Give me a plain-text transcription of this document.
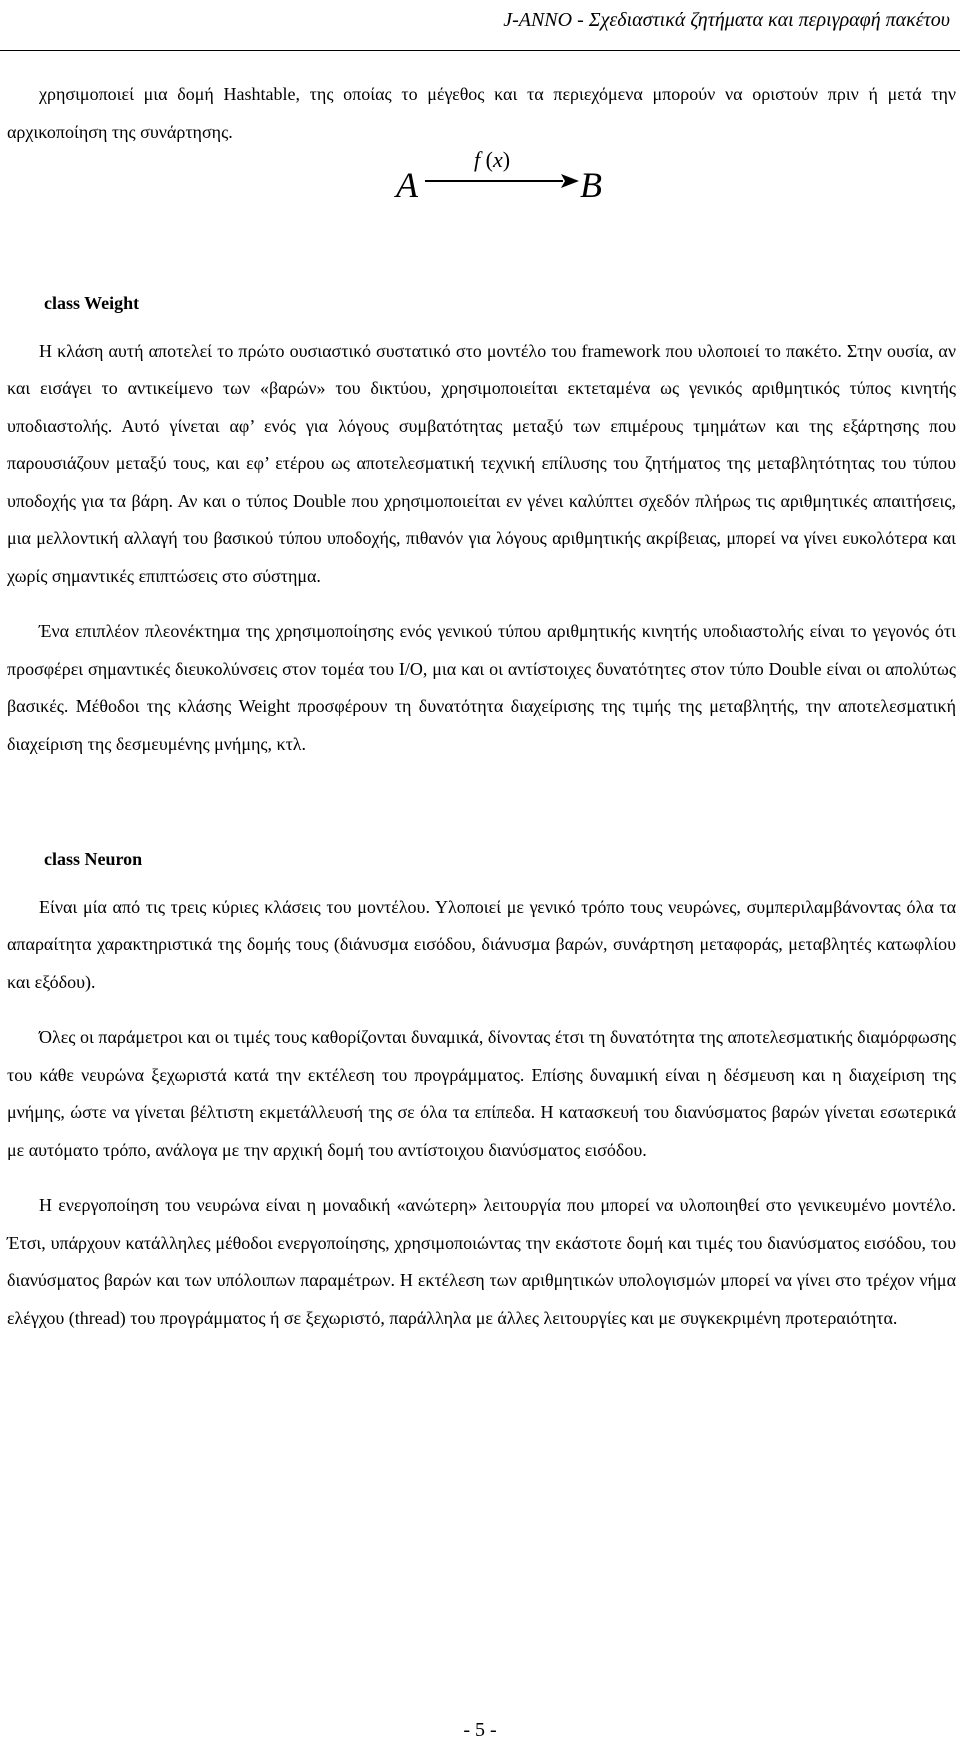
J-ANNO - Σχεδιαστικά ζητήματα και περιγραφή πακέτου

χρησιμοποιεί μια δομή Hashtable, της οποίας το μέγεθος και τα περιεχόμενα μπορούν να οριστούν πριν ή μετά την αρχικοποίηση της συνάρτησης.

A
f (x)
B
class Weight

Η κλάση αυτή αποτελεί το πρώτο ουσιαστικό συστατικό στο μοντέλο του framework που υλοποιεί το πακέτο. Στην ουσία, αν και εισάγει το αντικείμενο των «βαρών» του δικτύου, χρησιμοποιείται εκτεταμένα ως γενικός αριθμητικός τύπος κινητής υποδιαστολής. Αυτό γίνεται αφ’ ενός για λόγους συμβατότητας μεταξύ των επιμέρους τμημάτων και της εξάρτησης που παρουσιάζουν μεταξύ τους, και εφ’ ετέρου ως αποτελεσματική τεχνική επίλυσης του ζητήματος της μεταβλητότητας του τύπου υποδοχής για τα βάρη. Αν και ο τύπος Double που χρησιμοποιείται εν γένει καλύπτει σχεδόν πλήρως τις αριθμητικές απαιτήσεις, μια μελλοντική αλλαγή του βασικού τύπου υποδοχής, πιθανόν για λόγους αριθμητικής ακρίβειας, μπορεί να γίνει ευκολότερα και χωρίς σημαντικές επιπτώσεις στο σύστημα.

Ένα επιπλέον πλεονέκτημα της χρησιμοποίησης ενός γενικού τύπου αριθμητικής κινητής υποδιαστολής είναι το γεγονός ότι προσφέρει σημαντικές διευκολύνσεις στον τομέα του I/O, μια και οι αντίστοιχες δυνατότητες στον τύπο Double είναι οι απολύτως βασικές. Μέθοδοι της κλάσης Weight προσφέρουν τη δυνατότητα διαχείρισης της τιμής της μεταβλητής, την αποτελεσματική διαχείριση της δεσμευμένης μνήμης, κτλ.

class Neuron

Είναι μία από τις τρεις κύριες κλάσεις του μοντέλου. Υλοποιεί με γενικό τρόπο τους νευρώνες, συμπεριλαμβάνοντας όλα τα απαραίτητα χαρακτηριστικά της δομής τους (διάνυσμα εισόδου, διάνυσμα βαρών, συνάρτηση μεταφοράς, μεταβλητές κατωφλίου και εξόδου).

Όλες οι παράμετροι και οι τιμές τους καθορίζονται δυναμικά, δίνοντας έτσι τη δυνατότητα της αποτελεσματικής διαμόρφωσης του κάθε νευρώνα ξεχωριστά κατά την εκτέλεση του προγράμματος. Επίσης δυναμική είναι η δέσμευση και η διαχείριση της μνήμης, ώστε να γίνεται βέλτιστη εκμετάλλευσή της σε όλα τα επίπεδα. Η κατασκευή του διανύσματος βαρών γίνεται εσωτερικά με αυτόματο τρόπο, ανάλογα με την αρχική δομή του αντίστοιχου διανύσματος εισόδου.

Η ενεργοποίηση του νευρώνα είναι η μοναδική «ανώτερη» λειτουργία που μπορεί να υλοποιηθεί στο γενικευμένο μοντέλο. Έτσι, υπάρχουν κατάλληλες μέθοδοι ενεργοποίησης, χρησιμοποιώντας την εκάστοτε δομή και τιμές του διανύσματος εισόδου, του διανύσματος βαρών και των υπόλοιπων παραμέτρων. Η εκτέλεση των αριθμητικών υπολογισμών μπορεί να γίνει στο τρέχον νήμα ελέγχου (thread) του προγράμματος ή σε ξεχωριστό, παράλληλα με άλλες λειτουργίες και με συγκεκριμένη προτεραιότητα.

- 5 -
